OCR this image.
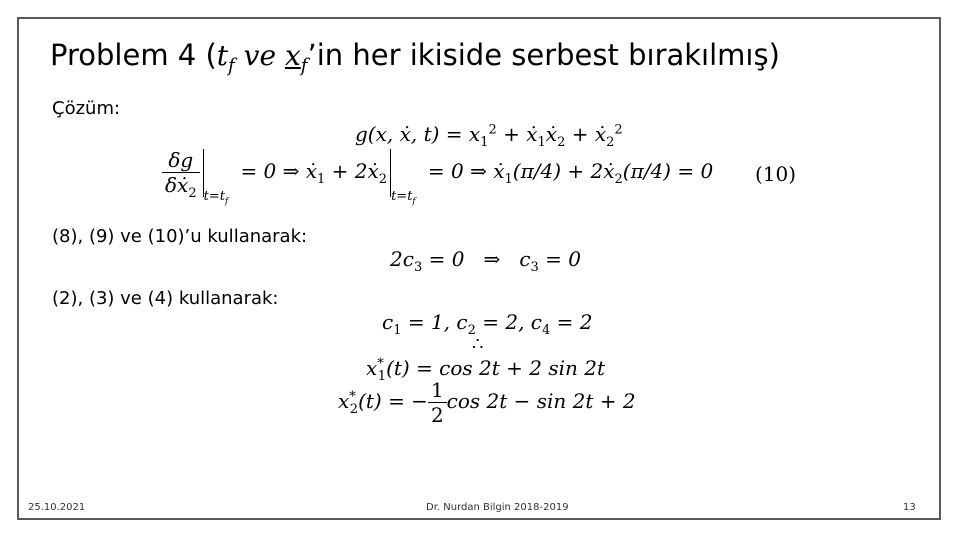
Problem 4 ($t_f$ ve $x_f’in$ her ikiside serbest bırakılmış)
Çözüm:
g(x, ẋ, $t) = x_1^2$ + ẋ$_1$ẋ$_2$ + ẋ$_2^2$
$\frac{\delta g}{\delta ẋ_2} _{t=t_f} = 0$ ⇒ ẋ$_1$ + 2ẋ$_{2t=t_f}$ = 0 ⇒ ẋ$_1$(π/4) + 2ẋ$_2$(π/4) = 0 (10)
(8), (9) ve (10)’u kullanarak:
$2c_3 = 0$   ⇒   $c_3 = 0$
(2), (3) ve (4) kullanarak:
$c_1 = 1$, $c_2 = 2$, $c_4 = 2$
∴
$x^*_1(t) = \cos 2t + 2$ sin 2t
$x^*_2(t)$ = − $\frac{1}{2}$ cos 2t − sin 2t + 2
25.10.2021	Dr. Nurdan Bilgin 2018-2019	13
